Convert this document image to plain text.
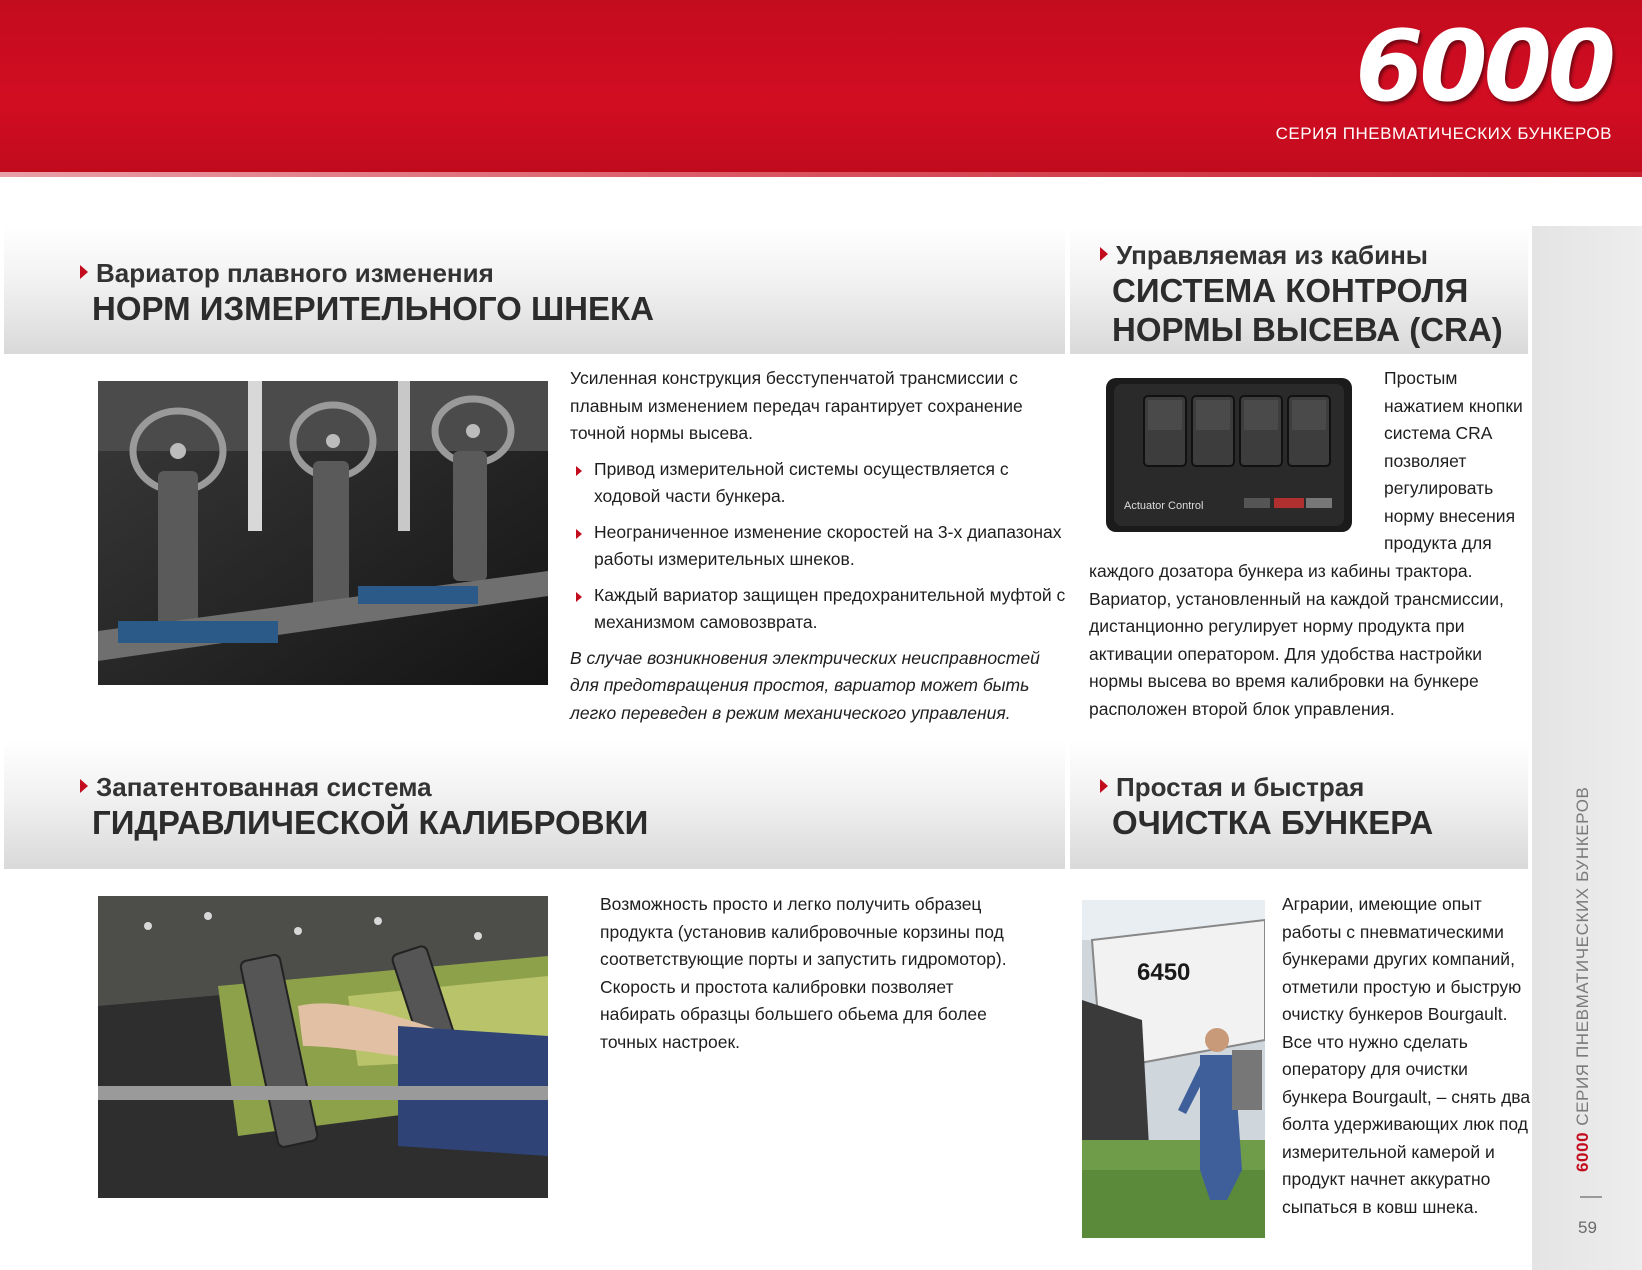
6000
СЕРИЯ ПНЕВМАТИЧЕСКИХ БУНКЕРОВ
6000СЕРИЯ ПНЕВМАТИЧЕСКИХ БУНКЕРОВ
59
Вариатор плавного изменения
НОРМ ИЗМЕРИТЕЛЬНОГО ШНЕКА
Управляемая из кабины
СИСТЕМА КОНТРОЛЯ
НОРМЫ ВЫСЕВА (CRA)

Усиленная конструкция бесступенчатой трансмиссии с плавным изменением передач гарантирует сохранение точной нормы высева.

Привод измерительной системы осуществляется с ходовой части бункера.

Неограниченное изменение скоростей на 3-х диапазонах работы измерительных шнеков.

Каждый вариатор защищен предохранительной муфтой с механизмом самовозврата.

В случае возникновения электрических неисправностей для предотвращения простоя, вариатор может быть легко переведен в режим механического управления.

Actuator Control
Простым нажатием кнопки система CRA позволяет регулировать норму внесения продукта для
каждого дозатора бункера из кабины трактора. Вариатор, установленный на каждой трансмиссии, дистанционно регулирует норму продукта при активации оператором. Для удобства настройки нормы высева во время калибровки на бункере расположен второй блок управления.
Запатентованная система
ГИДРАВЛИЧЕСКОЙ КАЛИБРОВКИ
Простая и быстрая
ОЧИСТКА БУНКЕРА
Возможность просто и легко получить образец продукта (установив калибровочные корзины под соответствующие порты и запустить гидромотор). Скорость и простота калибровки позволяет набирать образцы большего обьема для более точных настроек.
6450
Аграрии, имеющие опыт работы с пневматическими бункерами других компаний, отметили простую и быструю очистку бункеров Bourgault. Все что нужно сделать оператору для очистки бункера Bourgault, – снять два болта удерживающих люк под измерительной камерой и продукт начнет аккуратно сыпаться в ковш шнека.
